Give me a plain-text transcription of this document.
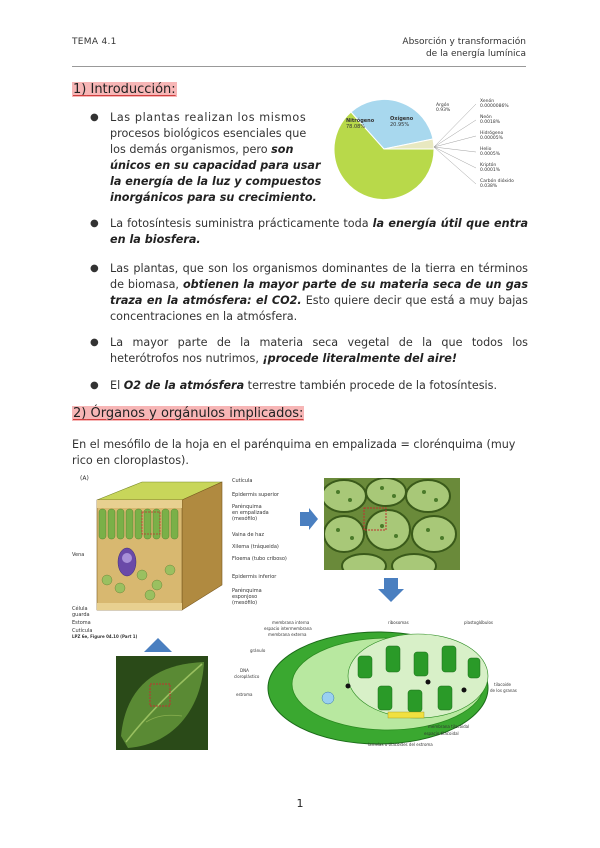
TEMA 4.1	Absorción y transformación
de la energía lumínica
1) Introducción:
● Las plantas realizan los mismos
procesos biológicos esenciales que
los demás organismos, pero son
únicos en su capacidad para usar
la energía de la luz y compuestos
inorgánicos para su crecimiento.
Nitrógeno
78.08%
Oxígeno
20.95%
Argón
0.93%
Xenón
0.0000086%
Neón
0.0018%
Hidrógeno
0.00005%
Helio
0.0005%
Kriptón
0.0001%
Carbón dióxido
0.038%
● La fotosíntesis suministra prácticamente toda la energía útil que entra en la biosfera.
● Las plantas, que son los organismos dominantes de la tierra en términos de biomasa, obtienen la mayor parte de su materia seca de un gas traza en la atmósfera: el CO2. Esto quiere decir que está a muy bajas concentraciones en la atmósfera.
● La mayor parte de la materia seca vegetal de la que todos los heterótrofos nos nutrimos, ¡procede literalmente del aire!
● El O2 de la atmósfera terrestre también procede de la fotosíntesis.
2) Órganos y orgánulos implicados:
En el mesófilo de la hoja en el parénquima en empalizada = clorénquima (muy
rico en cloroplastos).
(A)	Cutícula
Epidermis superior
Parénquima
en empalizada
(mesófilo)
Vaina de haz
Xilema (tráqueida)
Floema (tubo criboso)
Epidermis inferior
Parénquima
esponjoso
(mesófilo)
Vena
Célula
guarda
Estoma
Cutícula
LPZ 6e, Figure 04.10 (Part 1)
membrana interna
espacio intermembrana
membrana externa
gránulo
DNA
cloroplástico
estroma
ribosomas	plastoglóbulos
tilacoide
de los granas
membrana tilacoidal
espacio tilacoidal
lamelas o tilacoides del estroma
1
